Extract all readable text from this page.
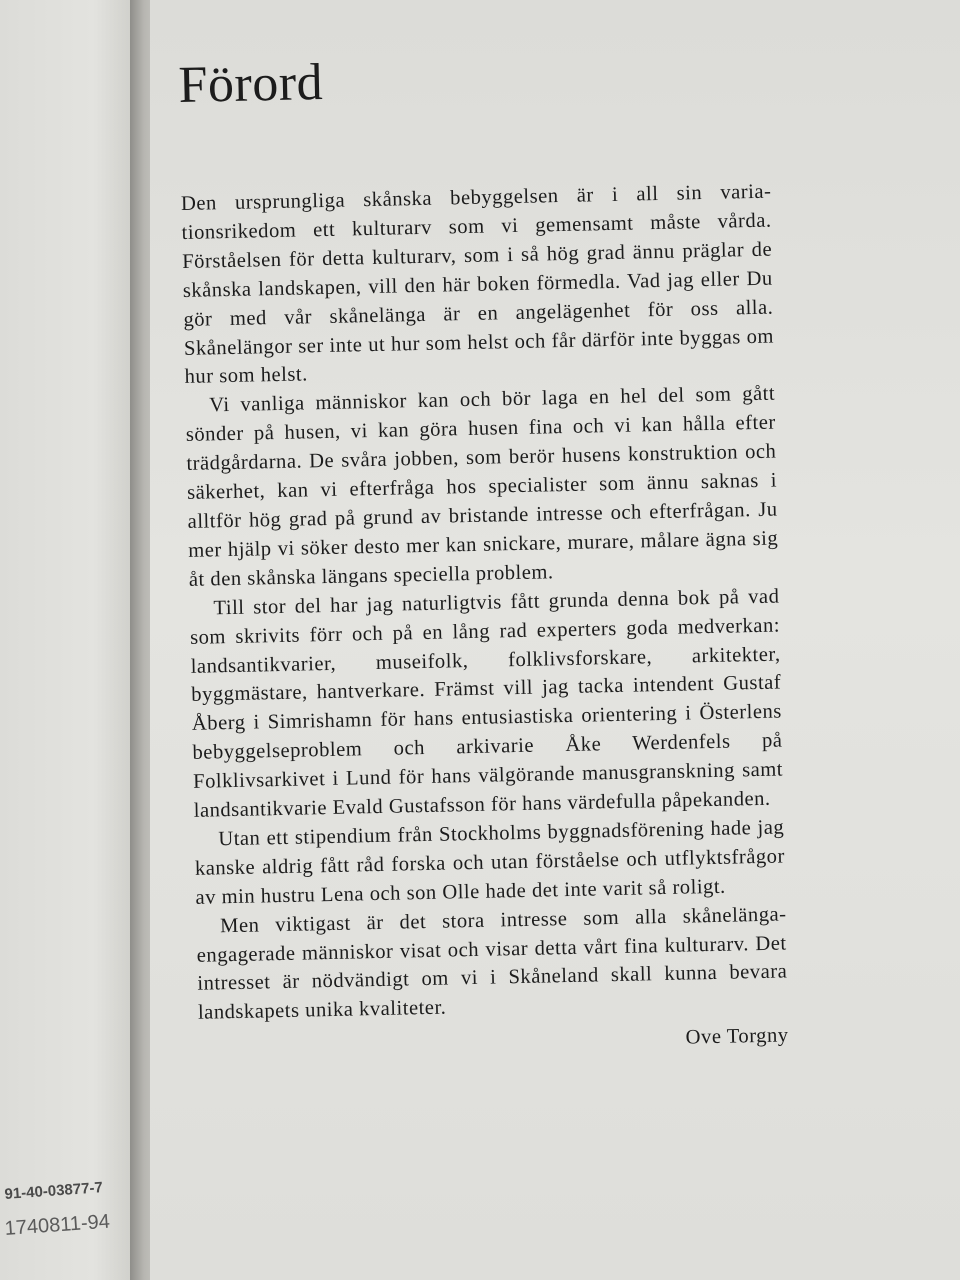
91-40-03877-7
1740811-94
Förord

Den ursprungliga skånska bebyggelsen är i all sin variationsrikedom ett kulturarv som vi gemensamt måste vårda. Förståelsen för detta kulturarv, som i så hög grad ännu präglar de skånska landskapen, vill den här boken förmedla. Vad jag eller Du gör med vår skånelänga är en angelägenhet för oss alla. Skånelängor ser inte ut hur som helst och får därför inte byggas om hur som helst.

Vi vanliga människor kan och bör laga en hel del som gått sönder på husen, vi kan göra husen fina och vi kan hålla efter trädgårdarna. De svåra jobben, som berör husens konstruktion och säkerhet, kan vi efterfråga hos specialister som ännu saknas i alltför hög grad på grund av bristande intresse och efterfrågan. Ju mer hjälp vi söker desto mer kan snickare, murare, målare ägna sig åt den skånska längans speciella problem.

Till stor del har jag naturligtvis fått grunda denna bok på vad som skrivits förr och på en lång rad experters goda medverkan: landsantikvarier, museifolk, folklivsforskare, arkitekter, byggmästare, hantverkare. Främst vill jag tacka intendent Gustaf Åberg i Simrishamn för hans entusiastiska orientering i Österlens bebyggelseproblem och arkivarie Åke Werdenfels på Folklivsarkivet i Lund för hans välgörande manusgranskning samt landsantikvarie Evald Gustafsson för hans värdefulla påpekanden.

Utan ett stipendium från Stockholms byggnadsförening hade jag kanske aldrig fått råd forska och utan förståelse och utflyktsfrågor av min hustru Lena och son Olle hade det inte varit så roligt.

Men viktigast är det stora intresse som alla skånelängaengagerade människor visat och visar detta vårt fina kulturarv. Det intresset är nödvändigt om vi i Skåneland skall kunna bevara landskapets unika kvaliteter.

Ove Torgny
